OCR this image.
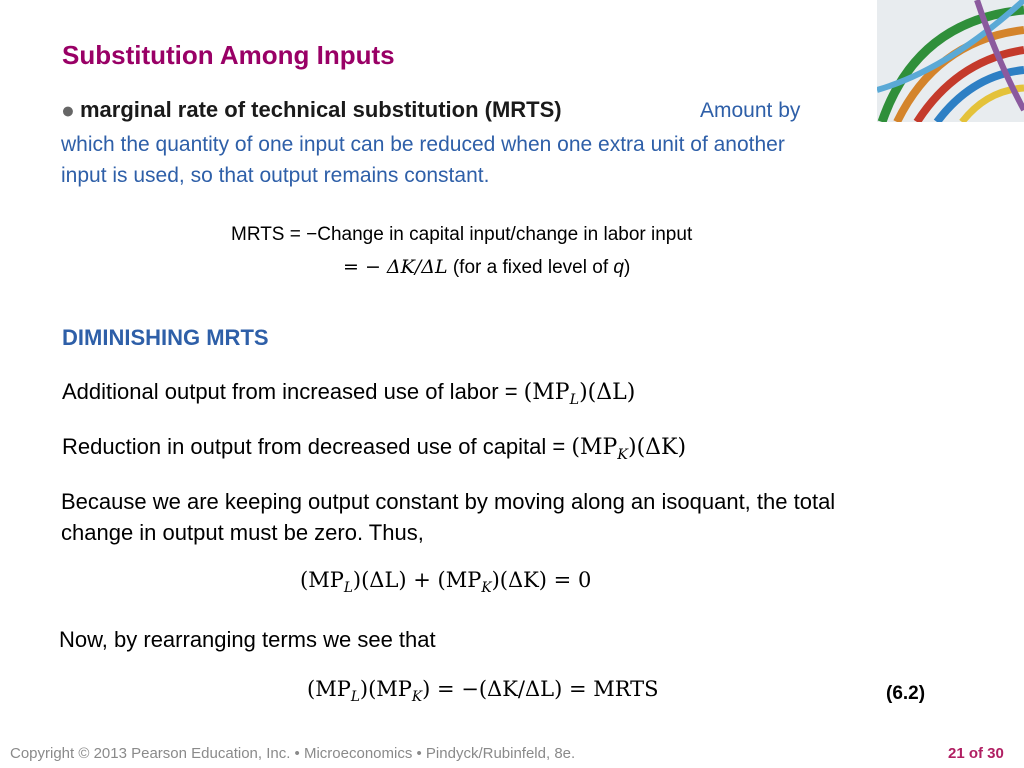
Substitution Among Inputs
● marginal rate of technical substitution (MRTS)	Amount by
which the quantity of one input can be reduced when one extra unit of another
input is used, so that output remains constant.
MRTS = −Change in capital input/change in labor input
= − ΔK/ΔL (for a fixed level of q)
DIMINISHING MRTS
Additional output from increased use of labor = $(MP_L)(\Delta L)$
Reduction in output from decreased use of capital = $(MP_K)(\Delta K)$
Because we are keeping output constant by moving along an isoquant, the total
change in output must be zero. Thus,
$(MP_L)(\Delta L) + (MP_K)(\Delta K) = 0$
Now, by rearranging terms we see that
$(MP_L)(MP_K) = -(\Delta K/\Delta L)$ = MRTS	(6.2)
Copyright © 2013 Pearson Education, Inc. • Microeconomics • Pindyck/Rubinfeld, 8e.	21 of 30
